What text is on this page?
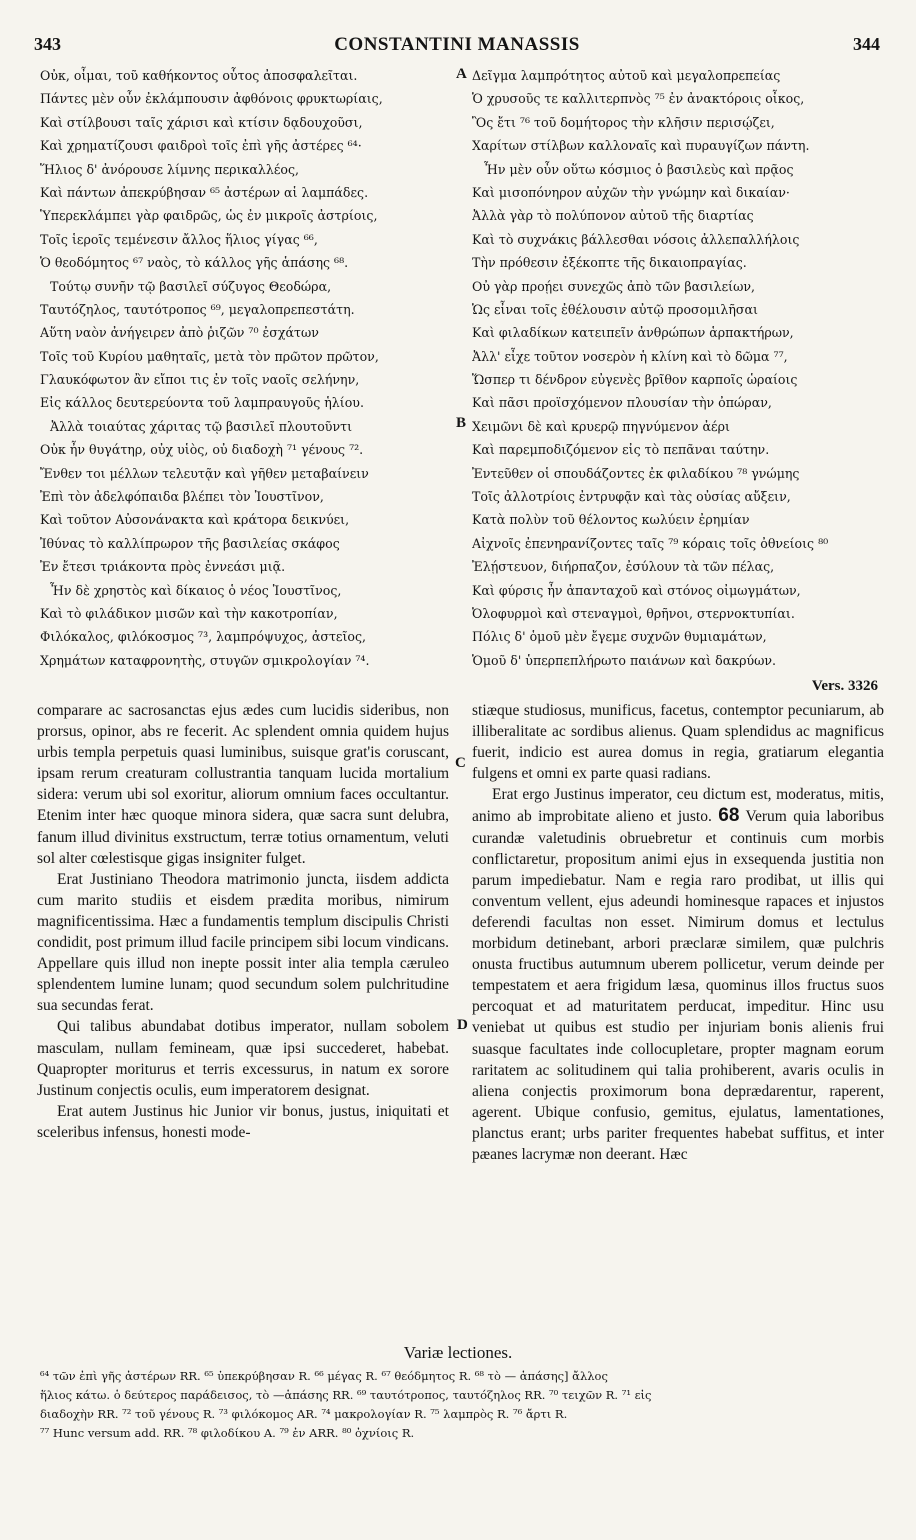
343	CONSTANTINI MANASSIS	344
Οὐκ, οἶμαι, τοῦ καθήκοντος οὗτος ἀποσφαλεῖται.
Πάντες μὲν οὖν ἐκλάμπουσιν ἀφθόνοις φρυκτωρίαις,
Καὶ στίλβουσι ταῖς χάρισι καὶ κτίσιν δᾳδουχοῦσι,
Καὶ χρηματίζουσι φαιδροὶ τοῖς ἐπὶ γῆς ἀστέρες ⁶⁴·
Ἥλιος δ' ἀνόρουσε λίμνης περικαλλέος,
Καὶ πάντων ἀπεκρύβησαν ⁶⁵ ἀστέρων αἱ λαμπάδες.
Ὑπερεκλάμπει γὰρ φαιδρῶς, ὡς ἐν μικροῖς ἀστρίοις,
Τοῖς ἱεροῖς τεμένεσιν ἄλλος ἥλιος γίγας ⁶⁶,
Ὁ θεοδόμητος ⁶⁷ ναὸς, τὸ κάλλος γῆς ἁπάσης ⁶⁸.
Τούτῳ συνῆν τῷ βασιλεῖ σύζυγος Θεοδώρα,
Ταυτόζηλος, ταυτότροπος ⁶⁹, μεγαλοπρεπεστάτη.
Αὕτη ναὸν ἀνήγειρεν ἀπὸ ῥιζῶν ⁷⁰ ἐσχάτων
Τοῖς τοῦ Κυρίου μαθηταῖς, μετὰ τὸν πρῶτον πρῶτον,
Γλαυκόφωτον ἂν εἴποι τις ἐν τοῖς ναοῖς σελήνην,
Εἰς κάλλος δευτερεύοντα τοῦ λαμπραυγοῦς ἡλίου.
Ἀλλὰ τοιαύτας χάριτας τῷ βασιλεῖ πλουτοῦντι
Οὐκ ἦν θυγάτηρ, οὐχ υἱὸς, οὐ διαδοχὴ ⁷¹ γένους ⁷².
Ἔνθεν τοι μέλλων τελευτᾷν καὶ γῆθεν μεταβαίνειν
Ἐπὶ τὸν ἀδελφόπαιδα βλέπει τὸν Ἰουστῖνον,
Καὶ τοῦτον Αὐσονάνακτα καὶ κράτορα δεικνύει,
Ἰθύνας τὸ καλλίπρωρον τῆς βασιλείας σκάφος
Ἐν ἔτεσι τριάκοντα πρὸς ἐννεάσι μιᾷ.
Ἦν δὲ χρηστὸς καὶ δίκαιος ὁ νέος Ἰουστῖνος,
Καὶ τὸ φιλάδικον μισῶν καὶ τὴν κακοτροπίαν,
Φιλόκαλος, φιλόκοσμος ⁷³, λαμπρόψυχος, ἀστεῖος,
Χρημάτων καταφρονητὴς, στυγῶν σμικρολογίαν ⁷⁴.
Δεῖγμα λαμπρότητος αὐτοῦ καὶ μεγαλοπρεπείας
Ὁ χρυσοῦς τε καλλιτερπνὸς ⁷⁵ ἐν ἀνακτόροις οἶκος,
Ὃς ἔτι ⁷⁶ τοῦ δομήτορος τὴν κλῆσιν περισῴζει,
Χαρίτων στίλβων καλλοναῖς καὶ πυραυγίζων πάντη.
Ἦν μὲν οὖν οὕτω κόσμιος ὁ βασιλεὺς καὶ πρᾷος
Καὶ μισοπόνηρον αὐχῶν τὴν γνώμην καὶ δικαίαν·
Ἀλλὰ γὰρ τὸ πολύπονον αὐτοῦ τῆς διαρτίας
Καὶ τὸ συχνάκις βάλλεσθαι νόσοις ἀλλεπαλλήλοις
Τὴν πρόθεσιν ἐξέκοπτε τῆς δικαιοπραγίας.
Οὐ γὰρ προῄει συνεχῶς ἀπὸ τῶν βασιλείων,
Ὡς εἶναι τοῖς ἐθέλουσιν αὐτῷ προσομιλῆσαι
Καὶ φιλαδίκων κατειπεῖν ἀνθρώπων ἁρπακτήρων,
Ἀλλ' εἶχε τοῦτον νοσερὸν ἡ κλίνη καὶ τὸ δῶμα ⁷⁷,
Ὥσπερ τι δένδρον εὐγενὲς βρῖθον καρποῖς ὡραίοις
Καὶ πᾶσι προϊσχόμενον πλουσίαν τὴν ὀπώραν,
Χειμῶνι δὲ καὶ κρυερῷ πηγνύμενον ἀέρι
Καὶ παρεμποδιζόμενον εἰς τὸ πεπᾶναι ταύτην.
Ἐντεῦθεν οἱ σπουδάζοντες ἐκ φιλαδίκου ⁷⁸ γνώμης
Τοῖς ἀλλοτρίοις ἐντρυφᾷν καὶ τὰς οὐσίας αὔξειν,
Κατὰ πολὺν τοῦ θέλοντος κωλύειν ἐρημίαν
Αἰχνοῖς ἐπενηρανίζοντες ταῖς ⁷⁹ κόραις τοῖς ὀθνείοις ⁸⁰
Ἐλῄστευον, διήρπαζον, ἐσύλουν τὰ τῶν πέλας,
Καὶ φύρσις ἦν ἁπανταχοῦ καὶ στόνος οἰμωγμάτων,
Ὀλοφυρμοὶ καὶ στεναγμοὶ, θρῆνοι, στερνοκτυπίαι.
Πόλις δ' ὁμοῦ μὲν ἔγεμε συχνῶν θυμιαμάτων,
Ὁμοῦ δ' ὑπερπεπλήρωτο παιάνων καὶ δακρύων.
A
B
C
D
Vers. 3326

comparare ac sacrosanctas ejus ædes cum lucidis sideribus, non prorsus, opinor, abs re fecerit. Ac splendent omnia quidem hujus urbis templa perpetuis quasi luminibus, suisque grat'is coruscant, ipsam rerum creaturam collustrantia tanquam lucida mortalium sidera: verum ubi sol exoritur, aliorum omnium faces occultantur. Etenim inter hæc quoque minora sidera, quæ sacra sunt delubra, fanum illud divinitus exstructum, terræ totius ornamentum, veluti sol alter cœlestisque gigas insigniter fulget.

Erat Justiniano Theodora matrimonio juncta, iisdem addicta cum marito studiis et eisdem prædita moribus, nimirum magnificentissima. Hæc a fundamentis templum discipulis Christi condidit, post primum illud facile principem sibi locum vindicans. Appellare quis illud non inepte possit inter alia templa cæruleo splendentem lumine lunam; quod secundum solem pulchritudine sua secundas ferat.

Qui talibus abundabat dotibus imperator, nullam sobolem masculam, nullam femineam, quæ ipsi succederet, habebat. Quapropter moriturus et terris excessurus, in natum ex sorore Justinum conjectis oculis, eum imperatorem designat.

Erat autem Justinus hic Junior vir bonus, justus, iniquitati et sceleribus infensus, honesti mode-

stiæque studiosus, munificus, facetus, contemptor pecuniarum, ab illiberalitate ac sordibus alienus. Quam splendidus ac magnificus fuerit, indicio est aurea domus in regia, gratiarum elegantia fulgens et omni ex parte quasi radians.

Erat ergo Justinus imperator, ceu dictum est, moderatus, mitis, animo ab improbitate alieno et justo. 68 Verum quia laboribus curandæ valetudinis obruebretur et continuis cum morbis conflictaretur, propositum animi ejus in exsequenda justitia non parum impediebatur. Nam e regia raro prodibat, ut illis qui conventum vellent, ejus adeundi hominesque rapaces et injustos deferendi facultas non esset. Nimirum domus et lectulus morbidum detinebant, arbori præclaræ similem, quæ pulchris onusta fructibus autumnum uberem pollicetur, verum deinde per tempestatem et aera frigidum læsa, quominus illos fructus suos percoquat et ad maturitatem perducat, impeditur. Hinc usu veniebat ut quibus est studio per injuriam bonis alienis frui suasque facultates inde collocupletare, propter magnam eorum raritatem ac solitudinem qui talia prohiberent, avaris oculis in aliena conjectis proximorum bona deprædarentur, raperent, agerent. Ubique confusio, gemitus, ejulatus, lamentationes, planctus erant; urbs pariter frequentes habebat suffitus, et inter pæanes lacrymæ non deerant. Hæc

Variæ lectiones.
⁶⁴ τῶν ἐπὶ γῆς ἀστέρων RR. ⁶⁵ ὑπεκρύβησαν R. ⁶⁶ μέγας R. ⁶⁷ θεόδμητος R. ⁶⁸ τὸ — ἁπάσης] ἄλλος
ἥλιος κάτω. ὁ δεύτερος παράδεισος, τὸ —ἁπάσης RR. ⁶⁹ ταυτότροπος, ταυτόζηλος RR. ⁷⁰ τειχῶν R. ⁷¹ εἰς
διαδοχὴν RR. ⁷² τοῦ γένους R. ⁷³ φιλόκομος AR. ⁷⁴ μακρολογίαν R. ⁷⁵ λαμπρὸς R. ⁷⁶ ἄρτι R.
⁷⁷ Hunc versum add. RR. ⁷⁸ φιλοδίκου A. ⁷⁹ ἐν ARR. ⁸⁰ ὀχνίοις R.
